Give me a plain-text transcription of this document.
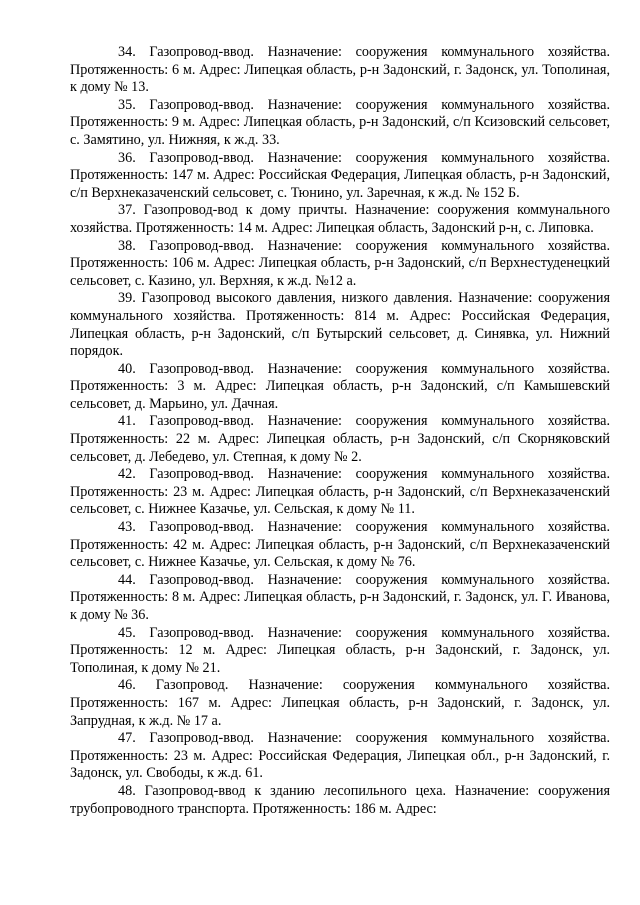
34. Газопровод-ввод. Назначение: сооружения коммунального хозяйства. Протяженность: 6 м. Адрес: Липецкая область, р-н Задонский, г. Задонск, ул. Тополиная, к дому № 13.

35. Газопровод-ввод. Назначение: сооружения коммунального хозяйства. Протяженность: 9 м. Адрес: Липецкая область, р-н Задонский, с/п Ксизовский сельсовет, с. Замятино, ул. Нижняя, к ж.д. 33.

36. Газопровод-ввод. Назначение: сооружения коммунального хозяйства. Протяженность: 147 м. Адрес: Российская Федерация, Липецкая область, р-н Задонский, с/п Верхнеказаченский сельсовет, с. Тюнино, ул. Заречная, к ж.д. № 152 Б.

37. Газопровод-вод к дому причты. Назначение: сооружения коммунального хозяйства. Протяженность: 14 м. Адрес: Липецкая область, Задонский р-н, с. Липовка.

38. Газопровод-ввод. Назначение: сооружения коммунального хозяйства. Протяженность: 106 м. Адрес: Липецкая область, р-н Задонский, с/п Верхнестуденецкий сельсовет, с. Казино, ул. Верхняя, к ж.д. №12 а.

39. Газопровод высокого давления, низкого давления. Назначение: сооружения коммунального хозяйства. Протяженность: 814 м. Адрес: Российская Федерация, Липецкая область, р-н Задонский, с/п Бутырский сельсовет, д. Синявка, ул. Нижний порядок.

40. Газопровод-ввод. Назначение: сооружения коммунального хозяйства. Протяженность: 3 м. Адрес: Липецкая область, р-н Задонский, с/п Камышевский сельсовет, д. Марьино, ул. Дачная.

41. Газопровод-ввод. Назначение: сооружения коммунального хозяйства. Протяженность: 22 м. Адрес: Липецкая область, р-н Задонский, с/п Скорняковский сельсовет, д. Лебедево, ул. Степная, к дому № 2.

42. Газопровод-ввод. Назначение: сооружения коммунального хозяйства. Протяженность: 23 м. Адрес: Липецкая область, р-н Задонский, с/п Верхнеказаченский сельсовет, с. Нижнее Казачье, ул. Сельская, к дому № 11.

43. Газопровод-ввод. Назначение: сооружения коммунального хозяйства. Протяженность: 42 м. Адрес: Липецкая область, р-н Задонский, с/п Верхнеказаченский сельсовет, с. Нижнее Казачье, ул. Сельская, к дому № 76.

44. Газопровод-ввод. Назначение: сооружения коммунального хозяйства. Протяженность: 8 м. Адрес: Липецкая область, р-н Задонский, г. Задонск, ул. Г. Иванова, к дому № 36.

45. Газопровод-ввод. Назначение: сооружения коммунального хозяйства. Протяженность: 12 м. Адрес: Липецкая область, р-н Задонский, г. Задонск, ул. Тополиная, к дому № 21.

46. Газопровод. Назначение: сооружения коммунального хозяйства. Протяженность: 167 м. Адрес: Липецкая область, р-н Задонский, г. Задонск, ул. Запрудная, к ж.д. № 17 а.

47. Газопровод-ввод. Назначение: сооружения коммунального хозяйства. Протяженность: 23 м. Адрес: Российская Федерация, Липецкая обл., р-н Задонский, г. Задонск, ул. Свободы, к ж.д. 61.

48. Газопровод-ввод к зданию лесопильного цеха. Назначение: сооружения трубопроводного транспорта. Протяженность: 186 м. Адрес:
